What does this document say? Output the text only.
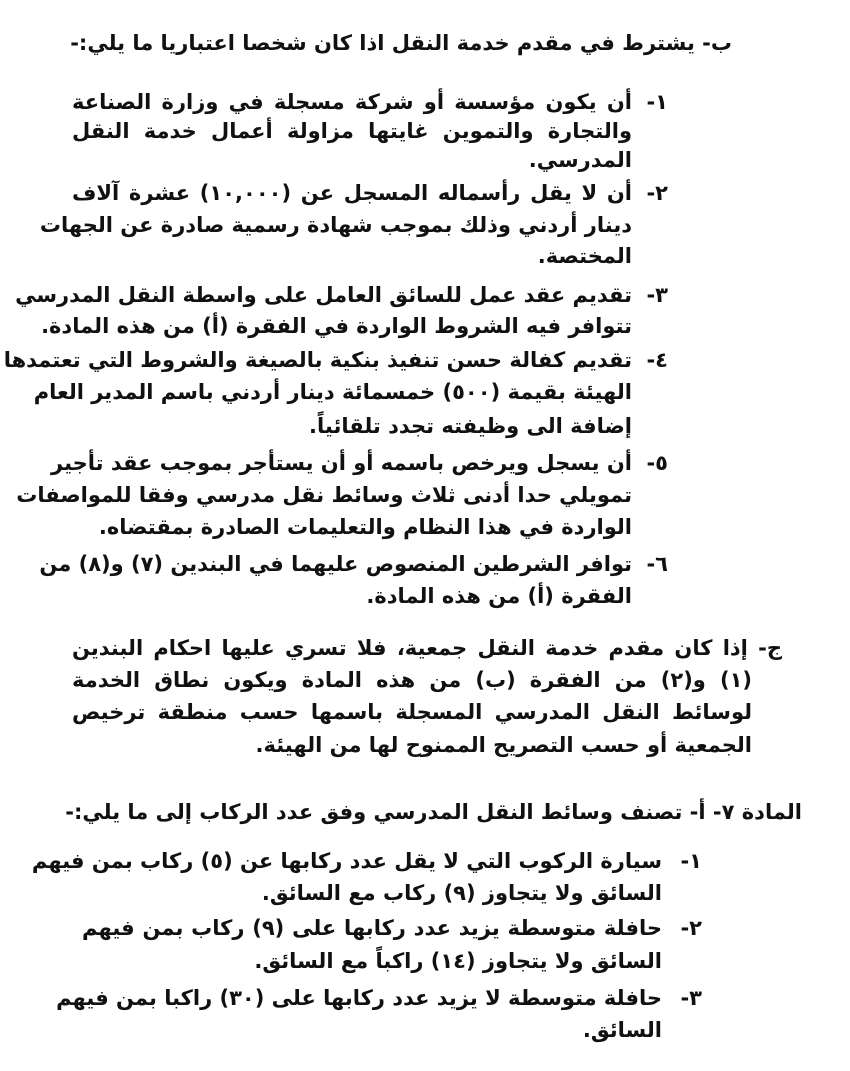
ب- يشترط في مقدم خدمة النقل اذا كان شخصا اعتباريا ما يلي:-
١-
أن يكون مؤسسة أو شركة مسجلة في وزارة الصناعة
والتجارة والتموين غايتها مزاولة أعمال خدمة النقل
المدرسي.
٢-
أن لا يقل رأسماله المسجل عن (١٠,٠٠٠) عشرة آلاف
دينار أردني وذلك بموجب شهادة رسمية صادرة عن الجهات
المختصة.
٣-
تقديم عقد عمل للسائق العامل على واسطة النقل المدرسي
تتوافر فيه الشروط الواردة في الفقرة (أ) من هذه المادة.
٤-
تقديم كفالة حسن تنفيذ بنكية بالصيغة والشروط التي تعتمدها
الهيئة بقيمة (٥٠٠) خمسمائة دينار أردني باسم المدير العام
إضافة الى وظيفته تجدد تلقائياً.
٥-
أن يسجل ويرخص باسمه أو أن يستأجر بموجب عقد تأجير
تمويلي حدا أدنى ثلاث وسائط نقل مدرسي وفقا للمواصفات
الواردة في هذا النظام والتعليمات الصادرة بمقتضاه.
٦-
توافر الشرطين المنصوص عليهما في البندين (٧) و(٨) من
الفقرة (أ) من هذه المادة.
ج- إذا كان مقدم خدمة النقل جمعية، فلا تسري عليها احكام البندين
(١) و(٢) من الفقرة (ب) من هذه المادة ويكون نطاق الخدمة
لوسائط النقل المدرسي المسجلة باسمها حسب منطقة ترخيص
الجمعية أو حسب التصريح الممنوح لها من الهيئة.
المادة ٧- أ- تصنف وسائط النقل المدرسي وفق عدد الركاب إلى ما يلي:-
١-
سيارة الركوب التي لا يقل عدد ركابها عن (٥) ركاب بمن فيهم
السائق ولا يتجاوز (٩) ركاب مع السائق.
٢-
حافلة متوسطة يزيد عدد ركابها على (٩) ركاب بمن فيهم
السائق ولا يتجاوز (١٤) راكباً مع السائق.
٣-
حافلة متوسطة لا يزيد عدد ركابها على (٣٠) راكبا بمن فيهم
السائق.
